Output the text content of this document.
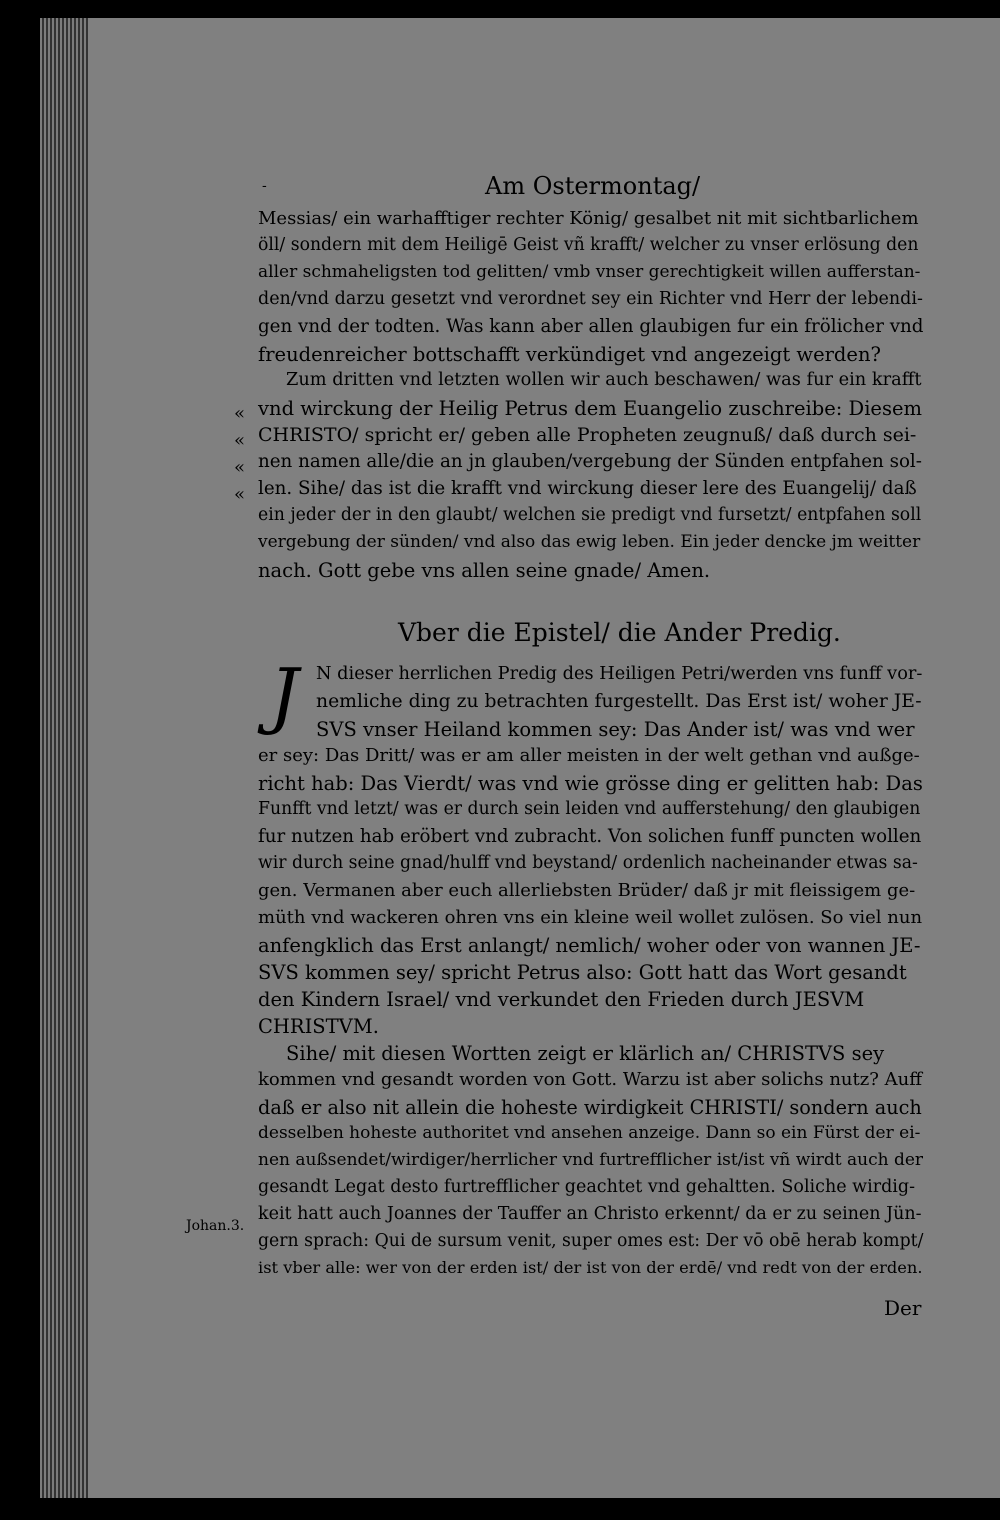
-	Am Ostermontag/
Messias/ ein warhafftiger rechter König/ gesalbet nit mit sichtbarlichem
öll/ sondern mit dem Heiligē Geist vñ krafft/ welcher zu vnser erlösung den
aller schmaheligsten tod gelitten/ vmb vnser gerechtigkeit willen aufferstan-
den/vnd darzu gesetzt vnd verordnet sey ein Richter vnd Herr der lebendi-
gen vnd der todten. Was kann aber allen glaubigen fur ein frölicher vnd
freudenreicher bottschafft verkündiget vnd angezeigt werden?
Zum dritten vnd letzten wollen wir auch beschawen/ was fur ein krafft
vnd wirckung der Heilig Petrus dem Euangelio zuschreibe: Diesem
CHRISTO/ spricht er/ geben alle Propheten zeugnuß/ daß durch sei-
nen namen alle/die an jn glauben/vergebung der Sünden entpfahen sol-
len. Sihe/ das ist die krafft vnd wirckung dieser lere des Euangelij/ daß
ein jeder der in den glaubt/ welchen sie predigt vnd fursetzt/ entpfahen soll
vergebung der sünden/ vnd also das ewig leben. Ein jeder dencke jm weitter
nach. Gott gebe vns allen seine gnade/ Amen.
«
«
«
«
Vber die Epistel/ die Ander Predig.
J N dieser herrlichen Predig des Heiligen Petri/werden vns funff vor-
nemliche ding zu betrachten furgestellt. Das Erst ist/ woher JE-
SVS vnser Heiland kommen sey: Das Ander ist/ was vnd wer
er sey: Das Dritt/ was er am aller meisten in der welt gethan vnd außge-
richt hab: Das Vierdt/ was vnd wie grösse ding er gelitten hab: Das
Funfft vnd letzt/ was er durch sein leiden vnd aufferstehung/ den glaubigen
fur nutzen hab eröbert vnd zubracht. Von solichen funff puncten wollen
wir durch seine gnad/hulff vnd beystand/ ordenlich nacheinander etwas sa-
gen. Vermanen aber euch allerliebsten Brüder/ daß jr mit fleissigem ge-
müth vnd wackeren ohren vns ein kleine weil wollet zulösen. So viel nun
anfengklich das Erst anlangt/ nemlich/ woher oder von wannen JE-
SVS kommen sey/ spricht Petrus also: Gott hatt das Wort gesandt
den Kindern Israel/ vnd verkundet den Frieden durch JESVM
CHRISTVM.
Sihe/ mit diesen Wortten zeigt er klärlich an/ CHRISTVS sey
kommen vnd gesandt worden von Gott. Warzu ist aber solichs nutz? Auff
daß er also nit allein die hoheste wirdigkeit CHRISTI/ sondern auch
desselben hoheste authoritet vnd ansehen anzeige. Dann so ein Fürst der ei-
nen außsendet/wirdiger/herrlicher vnd furtrefflicher ist/ist vñ wirdt auch der
gesandt Legat desto furtrefflicher geachtet vnd gehaltten. Soliche wirdig-
keit hatt auch Joannes der Tauffer an Christo erkennt/ da er zu seinen Jün-
gern sprach: Qui de sursum venit, super omes est: Der vō obē herab kompt/
ist vber alle: wer von der erden ist/ der ist von der erdē/ vnd redt von der erden.
Johan.3.
Der
